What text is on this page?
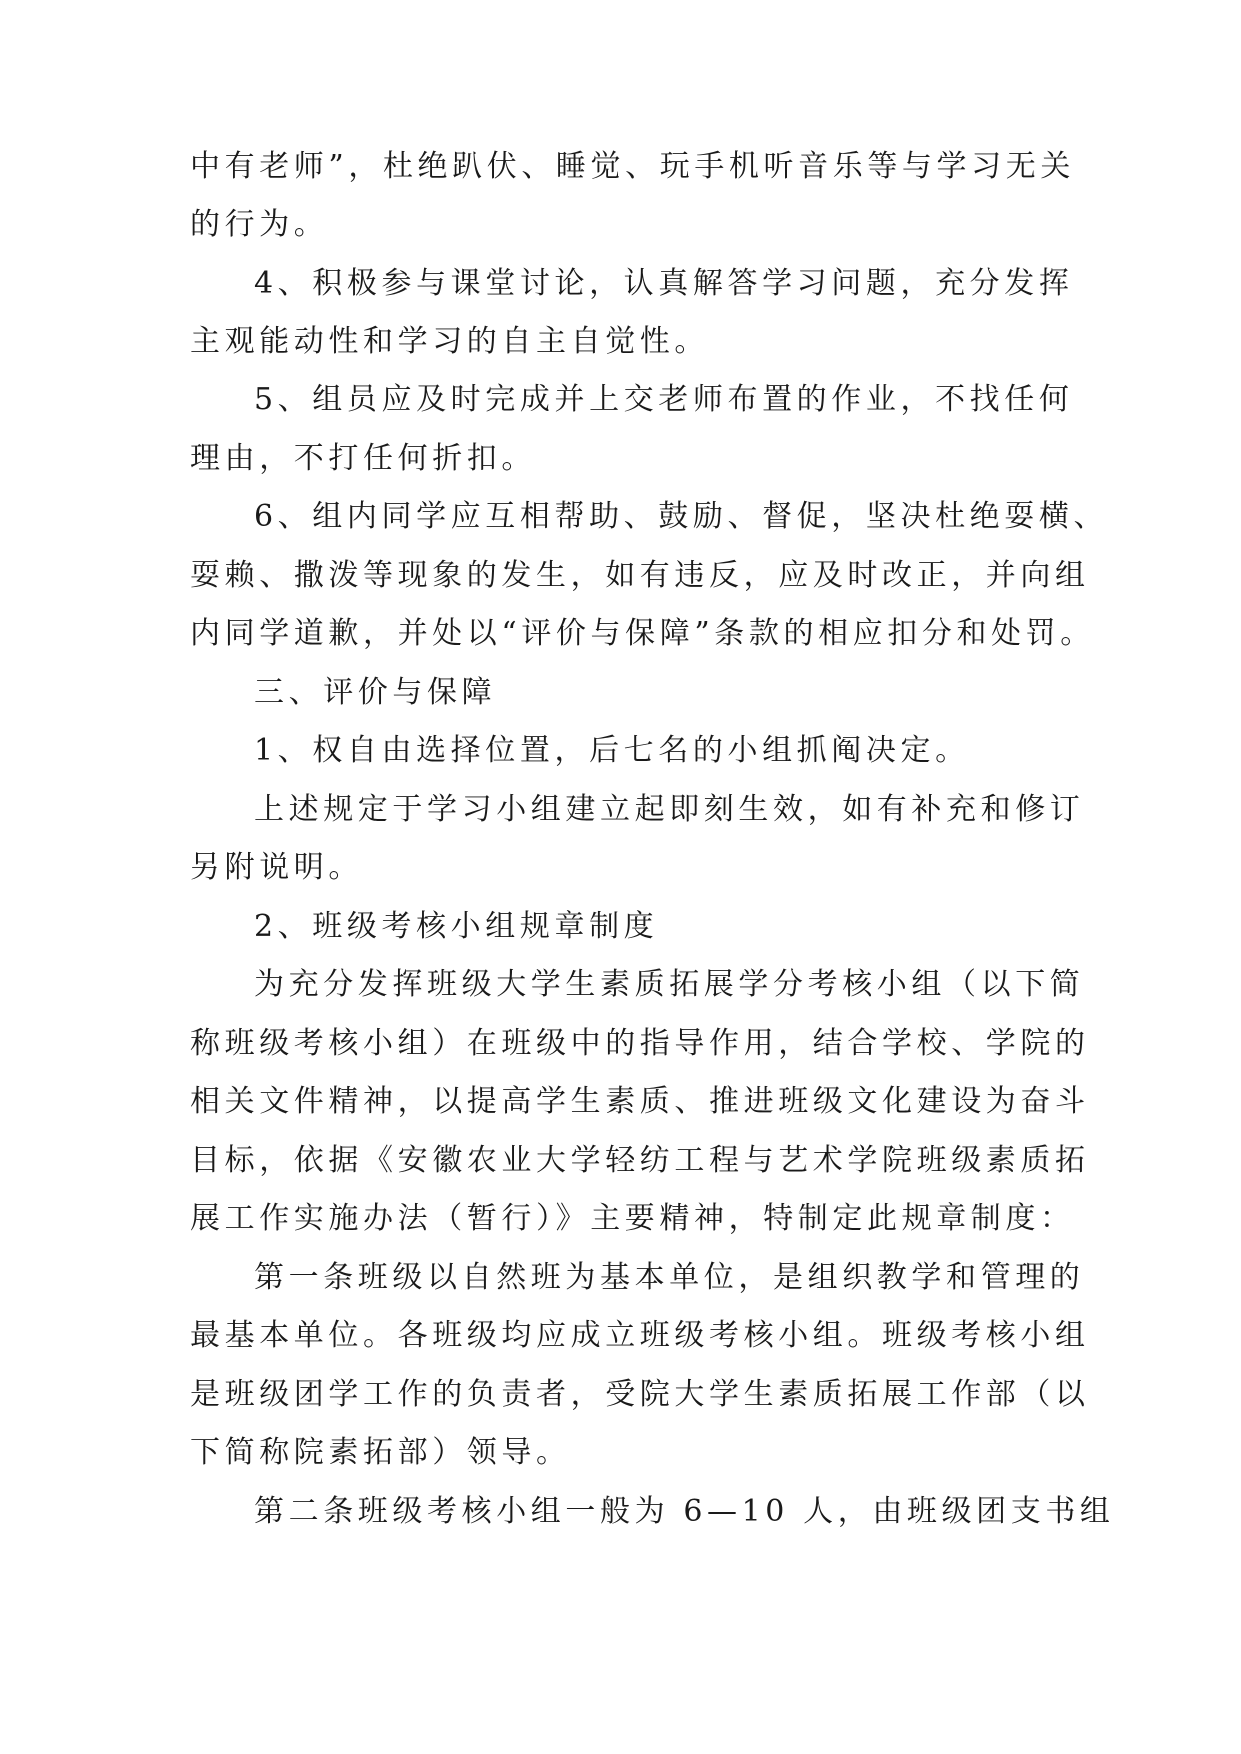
中有老师”，杜绝趴伏、睡觉、玩手机听音乐等与学习无关
的行为。
4、积极参与课堂讨论，认真解答学习问题，充分发挥
主观能动性和学习的自主自觉性。
5、组员应及时完成并上交老师布置的作业，不找任何
理由，不打任何折扣。
6、组内同学应互相帮助、鼓励、督促，坚决杜绝耍横、
耍赖、撒泼等现象的发生，如有违反，应及时改正，并向组
内同学道歉，并处以“评价与保障”条款的相应扣分和处罚。
三、评价与保障
1、权自由选择位置，后七名的小组抓阄决定。
上述规定于学习小组建立起即刻生效，如有补充和修订
另附说明。
2、班级考核小组规章制度
为充分发挥班级大学生素质拓展学分考核小组（以下简
称班级考核小组）在班级中的指导作用，结合学校、学院的
相关文件精神，以提高学生素质、推进班级文化建设为奋斗
目标，依据《安徽农业大学轻纺工程与艺术学院班级素质拓
展工作实施办法（暂行）》主要精神，特制定此规章制度：
第一条班级以自然班为基本单位，是组织教学和管理的
最基本单位。各班级均应成立班级考核小组。班级考核小组
是班级团学工作的负责者，受院大学生素质拓展工作部（以
下简称院素拓部）领导。
第二条班级考核小组一般为 6—10 人，由班级团支书组
